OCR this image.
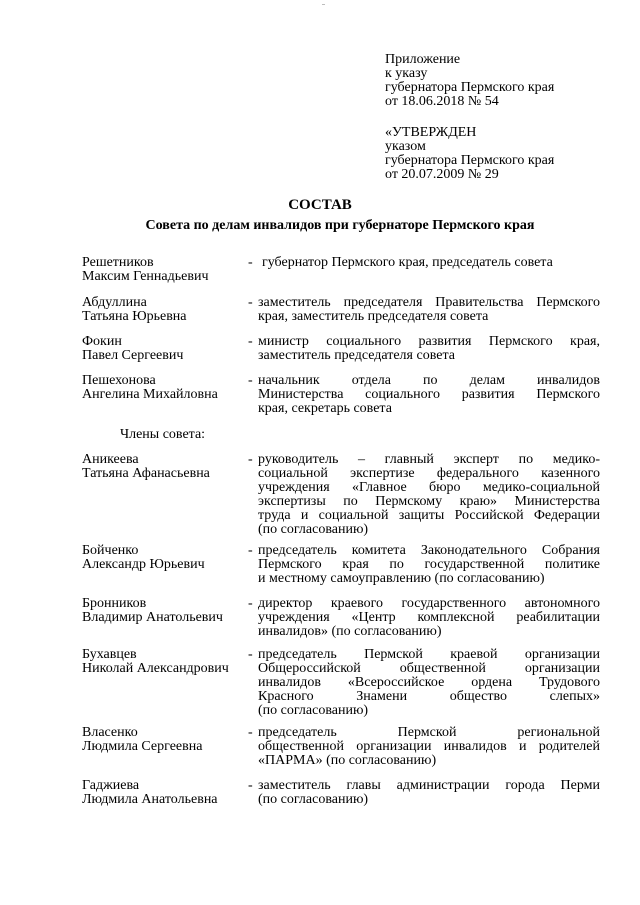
Приложение
к указу
губернатора Пермского края
от 18.06.2018 № 54
«УТВЕРЖДЕН
указом
губернатора Пермского края
от 20.07.2009 № 29
СОСТАВ
Совета по делам инвалидов при губернаторе Пермского края
Решетников
Максим Геннадьевич
- губернатор Пермского края, председатель совета
Абдуллина
Татьяна Юрьевна
- заместитель председателя Правительства Пермского
края, заместитель председателя совета
Фокин
Павел Сергеевич
- министр социального развития Пермского края,
заместитель председателя совета
Пешехонова
Ангелина Михайловна
- начальник отдела по делам инвалидов
Министерства социального развития Пермского
края, секретарь совета
Члены совета:
Аникеева
Татьяна Афанасьевна
- руководитель – главный эксперт по медико-
социальной экспертизе федерального казенного
учреждения «Главное бюро медико-социальной
экспертизы по Пермскому краю» Министерства
труда и социальной защиты Российской Федерации
(по согласованию)
Бойченко
Александр Юрьевич
- председатель комитета Законодательного Собрания
Пермского края по государственной политике
и местному самоуправлению (по согласованию)
Бронников
Владимир Анатольевич
- директор краевого государственного автономного
учреждения «Центр комплексной реабилитации
инвалидов» (по согласованию)
Бухавцев
Николай Александрович
- председатель Пермской краевой организации
Общероссийской общественной организации
инвалидов «Всероссийское ордена Трудового
Красного Знамени общество слепых»
(по согласованию)
Власенко
Людмила Сергеевна
- председатель Пермской региональной
общественной организации инвалидов и родителей
«ПАРМА» (по согласованию)
Гаджиева
Людмила Анатольевна
- заместитель главы администрации города Перми
(по согласованию)
